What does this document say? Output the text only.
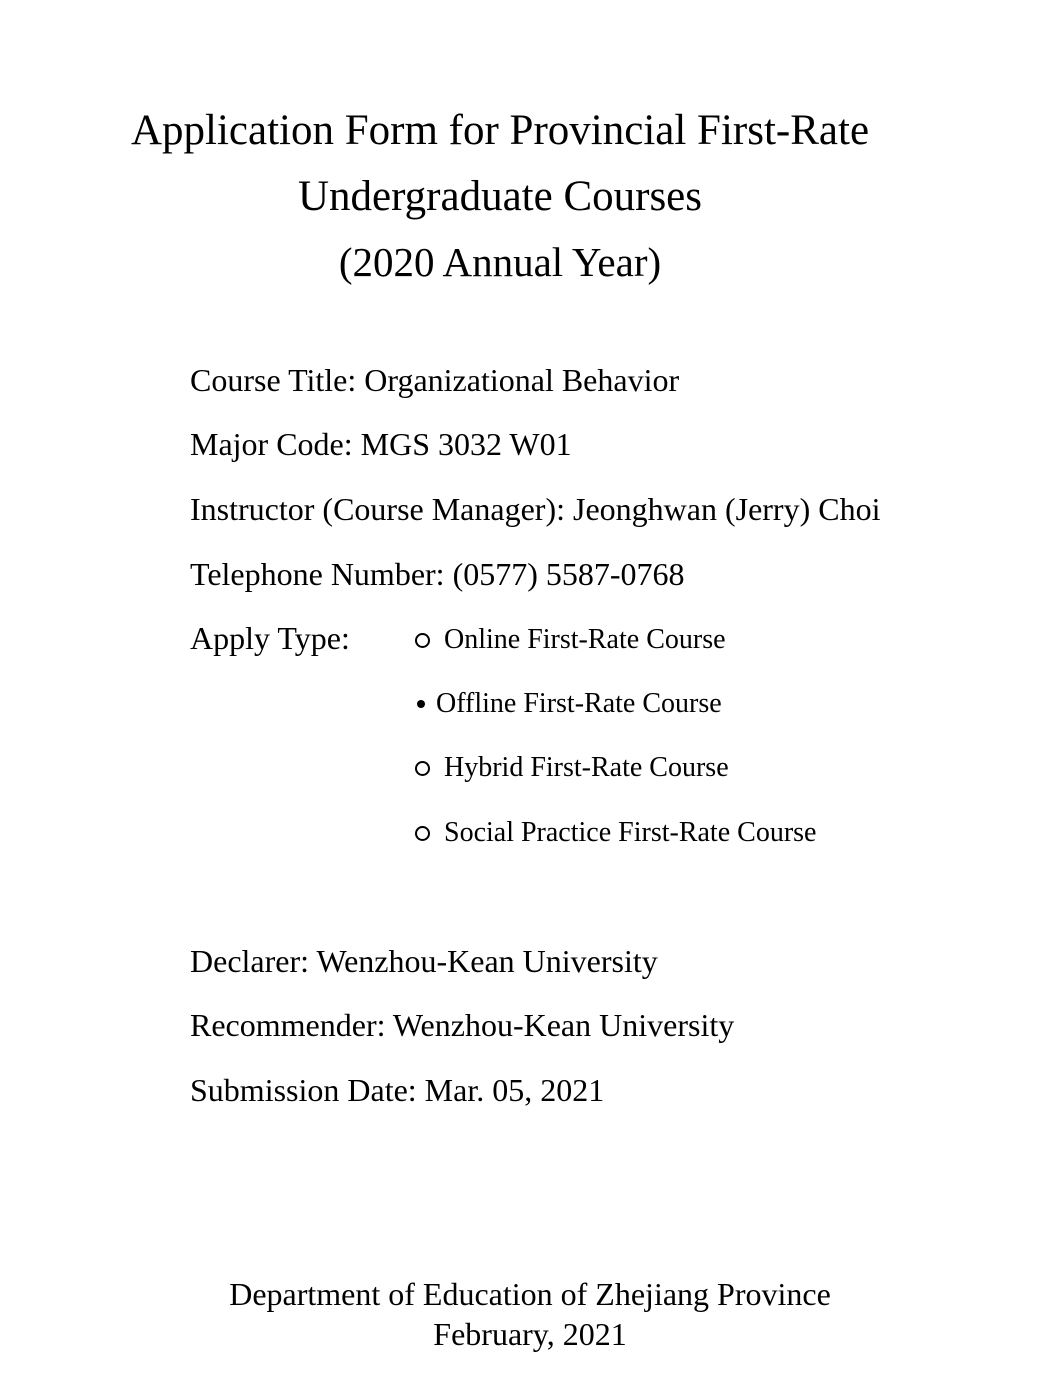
Application Form for Provincial First-Rate
Undergraduate Courses
(2020 Annual Year)
Course Title: Organizational Behavior
Major Code: MGS 3032 W01
Instructor (Course Manager): Jeonghwan (Jerry) Choi
Telephone Number: (0577) 5587-0768
Apply Type:	Online First-Rate Course
Offline First-Rate Course
Hybrid First-Rate Course
Social Practice First-Rate Course
Declarer: Wenzhou-Kean University
Recommender: Wenzhou-Kean University
Submission Date: Mar. 05, 2021
Department of Education of Zhejiang Province
February, 2021
